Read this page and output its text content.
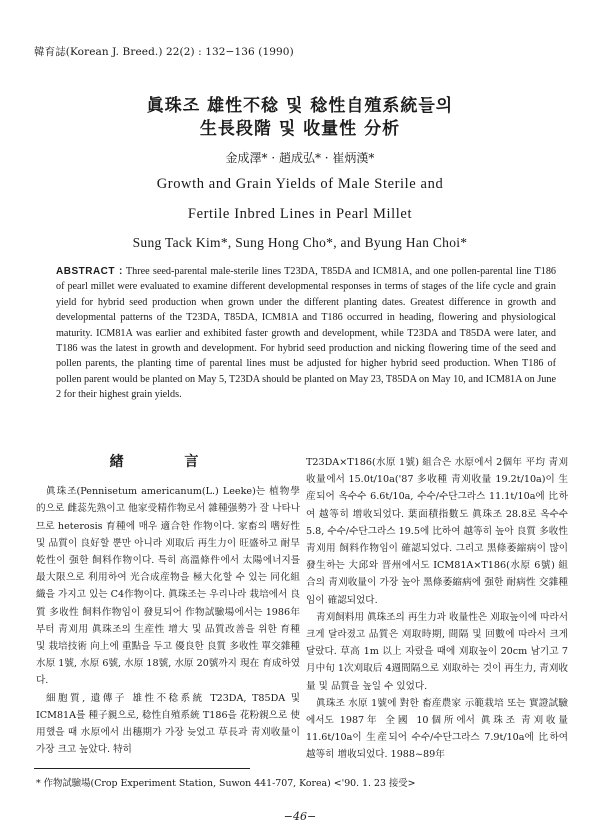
韓育誌(Korean J. Breed.) 22(2) : 132−136 (1990)
眞珠조 雄性不稔 및 稔性自殖系統들의
生長段階 및 收量性 分析
金成澤* · 趙成弘* · 崔炳漢*
Growth and Grain Yields of Male Sterile and
Fertile Inbred Lines in Pearl Millet
Sung Tack Kim*, Sung Hong Cho*, and Byung Han Choi*
ABSTRACT : Three seed-parental male-sterile lines T23DA, T85DA and ICM81A, and one pollen-parental line T186 of pearl millet were evaluated to examine different developmental responses in terms of stages of the life cycle and grain yield for hybrid seed production when grown under the different planting dates. Greatest difference in growth and developmental patterns of the T23DA, T85DA, ICM81A and T186 occurred in heading, flowering and physiological maturity. ICM81A was earlier and exhibited faster growth and development, while T23DA and T85DA were later, and T186 was the latest in growth and development. For hybrid seed production and nicking flowering time of the seed and pollen parents, the planting time of parental lines must be adjusted for higher hybrid seed production. When T186 of pollen parent would be planted on May 5, T23DA should be planted on May 23, T85DA on May 10, and ICM81A on June 2 for their highest grain yields.
緖 言

眞珠조(Pennisetum americanum(L.) Leeke)는 植物學的으로 雌蕊先熟이고 他家受精作物로서 雜種强勢가 잘 나타나므로 heterosis 育種에 매우 適合한 作物이다. 家畜의 嗜好性 및 品質이 良好할 뿐만 아니라 刈取后 再生力이 旺盛하고 耐旱乾性이 强한 飼料作物이다. 특히 高溫條件에서 太陽에너지를 最大限으로 利用하여 光合成産物을 極大化할 수 있는 同化組織을 가지고 있는 C4作物이다. 眞珠조는 우리나라 栽培에서 良質 多收性 飼料作物임이 發見되어 作物試驗場에서는 1986年부터 靑刈用 眞珠조의 生産性 增大 및 品質改善을 위한 育種 및 栽培技術 向上에 重點을 두고 優良한 良質 多收性 單交雜種 水原 1號, 水原 6號, 水原 18號, 水原 20號까지 現在 育成하였다.

細胞質, 遺傳子 雄性不稔系統 T23DA, T85DA 및 ICM81A를 種子親으로, 稔性自殖系統 T186을 花粉親으로 使用했을 때 水原에서 出穗期가 가장 늦었고 草長과 靑刈收量이 가장 크고 높았다. 特히

T23DA×T186(水原 1號) 組合은 水原에서 2個年 平均 靑刈收量에서 15.0t/10a('87 多收種 靑刈收量 19.2t/10a)이 生産되어 옥수수 6.6t/10a, 수수/수단그라스 11.1t/10a에 比하여 越等히 增收되었다. 葉面積指數도 眞珠조 28.8로 옥수수 5.8, 수수/수단그라스 19.5에 比하여 越等히 높아 良質 多收性 靑刈用 飼料作物임이 確認되었다. 그리고 黑條萎縮病이 많이 發生하는 大邱와 晋州에서도 ICM81A×T186(水原 6號) 組合의 靑刈收量이 가장 높아 黑條萎縮病에 强한 耐病性 交雜種임이 確認되었다.

靑刈飼料用 眞珠조의 再生力과 收量性은 刈取높이에 따라서 크게 달라졌고 品質은 刈取時期, 間隔 및 回數에 따라서 크게 달랐다. 草高 1m 以上 자랐을 때에 刈取높이 20cm 남기고 7月中旬 1次刈取后 4週間隔으로 刈取하는 것이 再生力, 靑刈收量 및 品質을 높일 수 있었다.

眞珠조 水原 1號에 對한 畜産農家 示範栽培 또는 實證試驗에서도 1987年 全國 10個所에서 眞珠조 靑刈收量 11.6t/10a이 生産되어 수수/수단그라스 7.9t/10a에 比하여 越等히 增收되었다. 1988~89年

* 作物試驗場(Crop Experiment Station, Suwon 441-707, Korea) <'90. 1. 23 接受>
−46−
